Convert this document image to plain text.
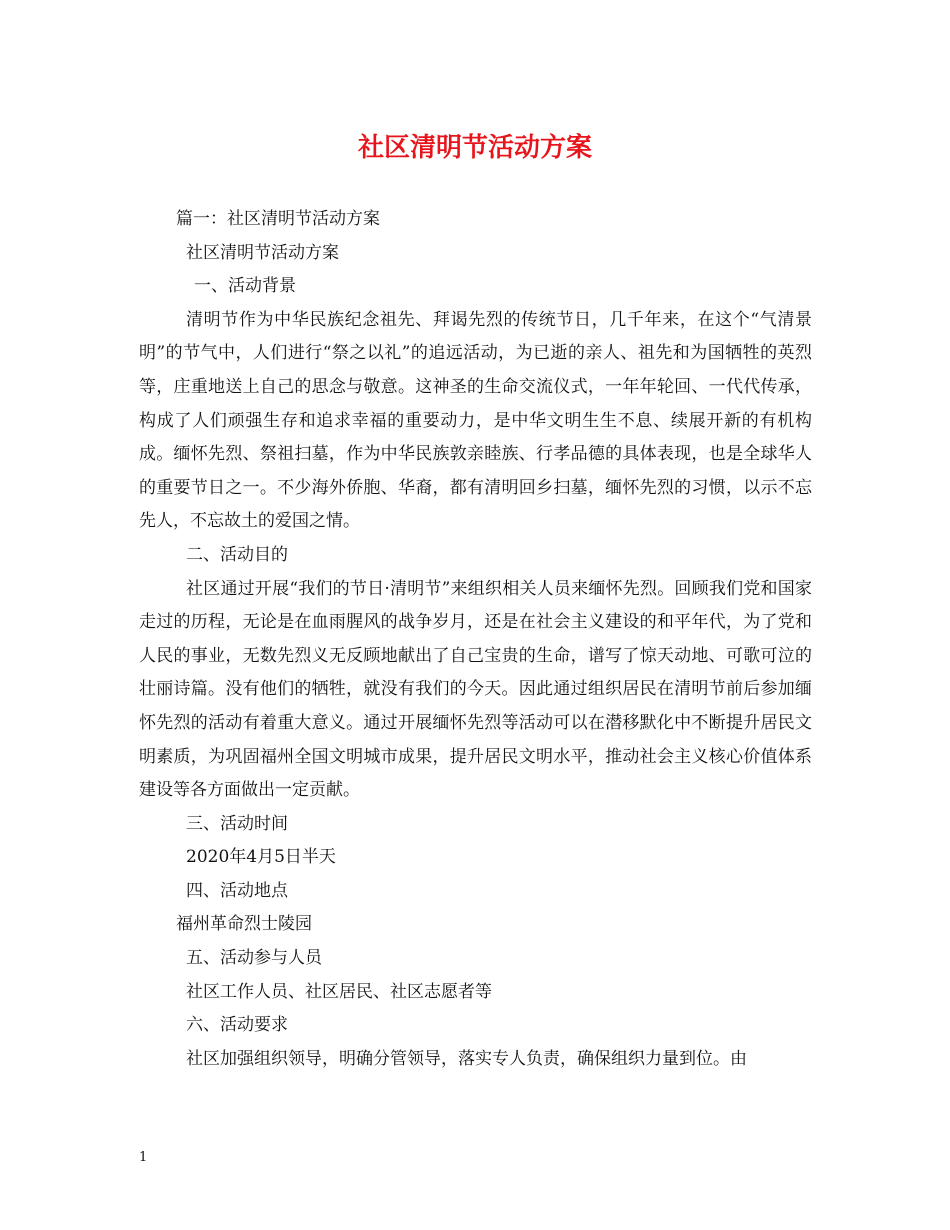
社区清明节活动方案

篇一：社区清明节活动方案

社区清明节活动方案

一、活动背景

清明节作为中华民族纪念祖先、拜谒先烈的传统节日，几千年来，在这个“气清景明”的节气中，人们进行“祭之以礼”的追远活动，为已逝的亲人、祖先和为国牺牲的英烈等，庄重地送上自己的思念与敬意。这神圣的生命交流仪式，一年年轮回、一代代传承，构成了人们顽强生存和追求幸福的重要动力，是中华文明生生不息、续展开新的有机构成。缅怀先烈、祭祖扫墓，作为中华民族敦亲睦族、行孝品德的具体表现，也是全球华人的重要节日之一。不少海外侨胞、华裔，都有清明回乡扫墓，缅怀先烈的习惯，以示不忘先人，不忘故土的爱国之情。

二、活动目的

社区通过开展“我们的节日·清明节”来组织相关人员来缅怀先烈。回顾我们党和国家走过的历程，无论是在血雨腥风的战争岁月，还是在社会主义建设的和平年代，为了党和人民的事业，无数先烈义无反顾地献出了自己宝贵的生命，谱写了惊天动地、可歌可泣的壮丽诗篇。没有他们的牺牲，就没有我们的今天。因此通过组织居民在清明节前后参加缅怀先烈的活动有着重大意义。通过开展缅怀先烈等活动可以在潜移默化中不断提升居民文明素质，为巩固福州全国文明城市成果，提升居民文明水平，推动社会主义核心价值体系建设等各方面做出一定贡献。

三、活动时间

2020年4月5日半天

四、活动地点

福州革命烈士陵园

五、活动参与人员

社区工作人员、社区居民、社区志愿者等

六、活动要求

社区加强组织领导，明确分管领导，落实专人负责，确保组织力量到位。由

1
